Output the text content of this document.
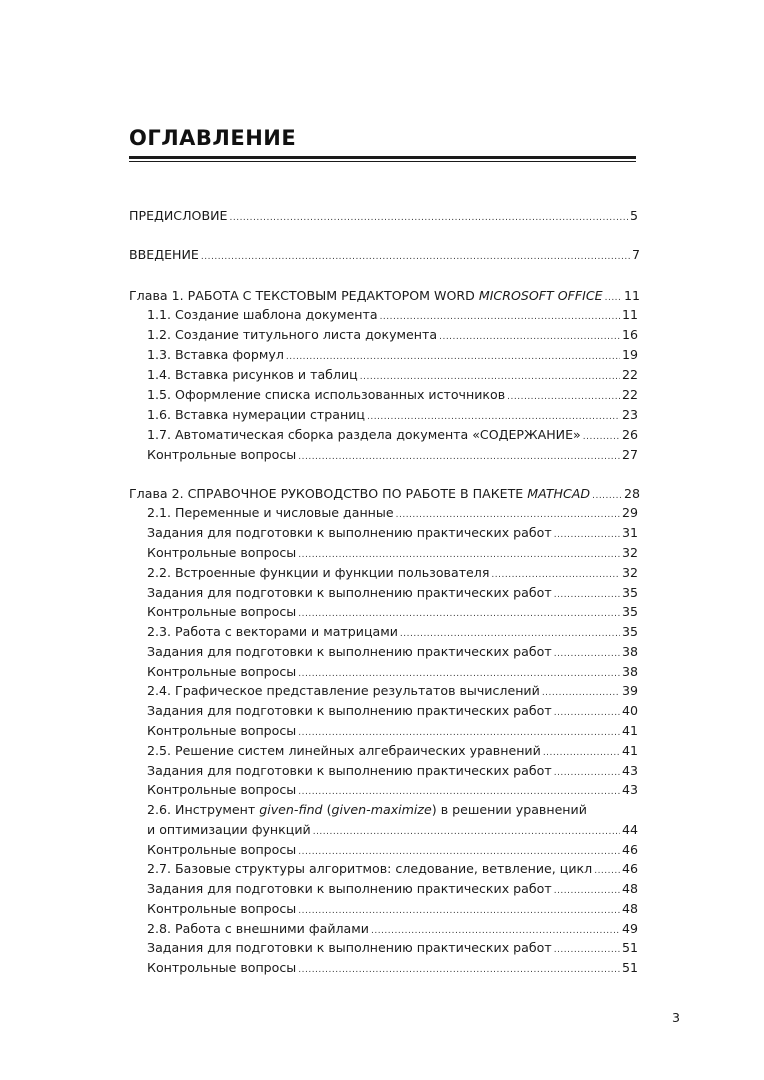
ОГЛАВЛЕНИЕ
ПРЕДИСЛОВИЕ .....	5
ВВЕДЕНИЕ .....	7
Глава 1. РАБОТА С ТЕКСТОВЫМ РЕДАКТОРОМ WORD MICROSOFT OFFICE ..... 11
1.1. Создание шаблона документа .....	11
1.2. Создание титульного листа документа .....	16
1.3. Вставка формул .....	19
1.4. Вставка рисунков и таблиц .....	22
1.5. Оформление списка использованных источников .....	22
1.6. Вставка нумерации страниц .....	23
1.7. Автоматическая сборка раздела документа «СОДЕРЖАНИЕ» .....	26
Контрольные вопросы .....	27
Глава 2. СПРАВОЧНОЕ РУКОВОДСТВО ПО РАБОТЕ В ПАКЕТЕ MATHCAD .....	28
2.1. Переменные и числовые данные .....	29
Задания для подготовки к выполнению практических работ .....	31
Контрольные вопросы .....	32
2.2. Встроенные функции и функции пользователя .....	32
Задания для подготовки к выполнению практических работ .....	35
Контрольные вопросы .....	35
2.3. Работа с векторами и матрицами .....	35
Задания для подготовки к выполнению практических работ .....	38
Контрольные вопросы .....	38
2.4. Графическое представление результатов вычислений .....	39
Задания для подготовки к выполнению практических работ .....	40
Контрольные вопросы .....	41
2.5. Решение систем линейных алгебраических уравнений .....	41
Задания для подготовки к выполнению практических работ .....	43
Контрольные вопросы .....	43
2.6. Инструмент given-find (given-maximize) в решении уравнений
и оптимизации функций .....	44
Контрольные вопросы .....	46
2.7. Базовые структуры алгоритмов: следование, ветвление, цикл ..... 46
Задания для подготовки к выполнению практических работ .....	48
Контрольные вопросы .....	48
2.8. Работа с внешними файлами .....	49
Задания для подготовки к выполнению практических работ .....	51
Контрольные вопросы .....	51
3
